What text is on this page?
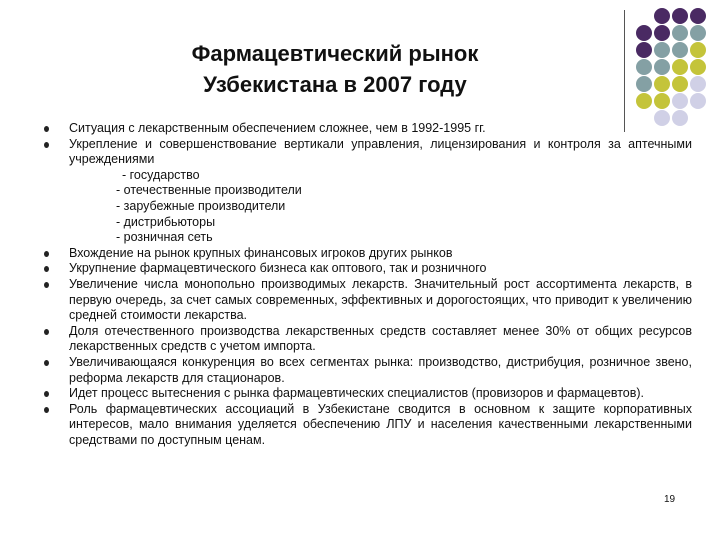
Фармацевтический рынок
Узбекистана в 2007 году
Ситуация с лекарственным обеспечением сложнее, чем в 1992-1995 гг.
Укрепление и совершенствование вертикали управления, лицензирования и контроля за аптечными учреждениями
- государство
- отечественные производители
- зарубежные производители
- дистрибьюторы
- розничная сеть
Вхождение на рынок крупных финансовых игроков других рынков
Укрупнение фармацевтического бизнеса как оптового, так и розничного
Увеличение числа монопольно производимых лекарств. Значительный рост ассортимента лекарств, в первую очередь, за счет самых современных, эффективных и дорогостоящих, что приводит к увеличению средней стоимости лекарства.
Доля отечественного производства лекарственных средств составляет менее 30% от общих ресурсов лекарственных средств с учетом импорта.
Увеличивающаяся конкуренция во всех сегментах рынка: производство, дистрибуция, розничное звено, реформа лекарств для стационаров.
Идет процесс вытеснения с рынка фармацевтических специалистов (провизоров и фармацевтов).
Роль фармацевтических ассоциаций в Узбекистане сводится в основном к защите корпоративных интересов, мало внимания уделяется обеспечению ЛПУ и населения качественными лекарственными средствами по доступным ценам.
19
